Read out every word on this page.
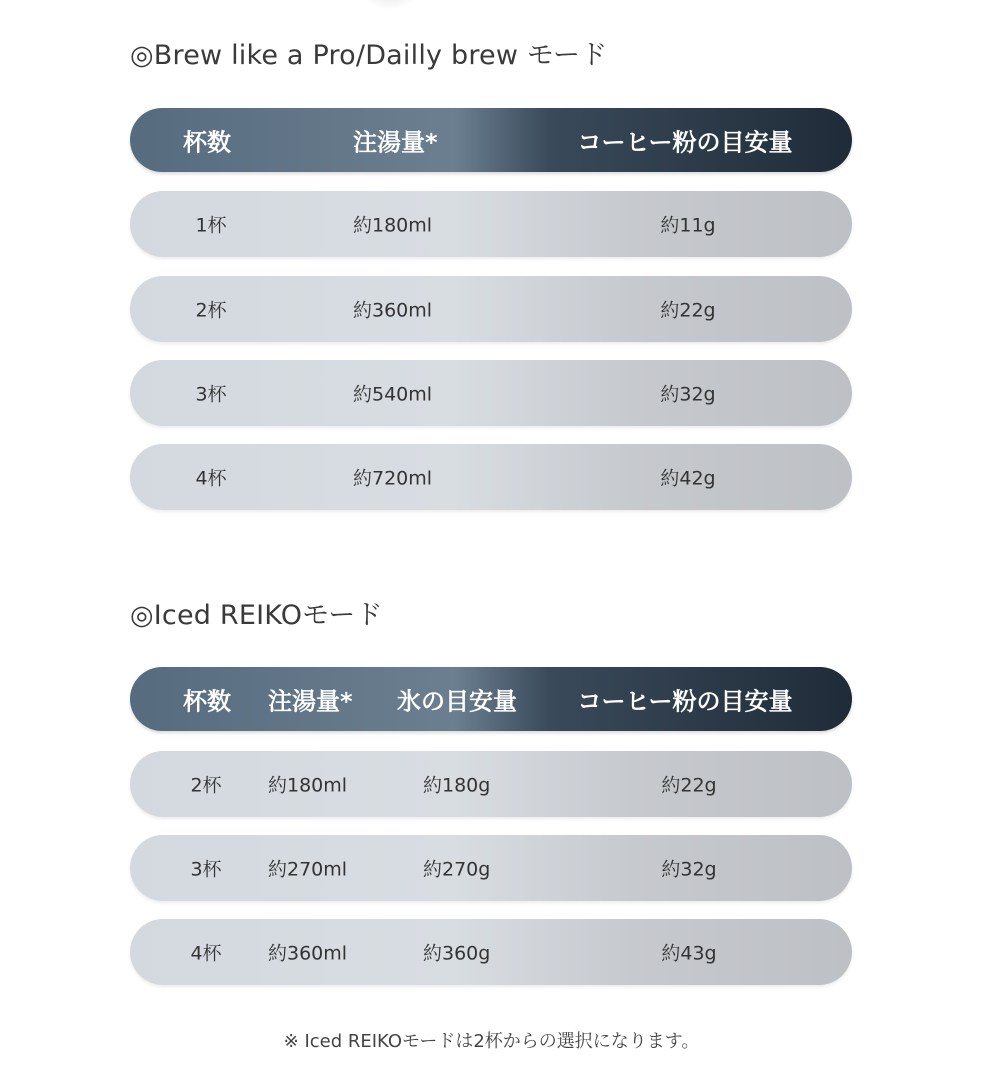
◎Brew like a Pro/Dailly brew モード
杯数	注湯量*	コーヒー粉の目安量
1杯	約180ml	約11g
2杯	約360ml	約22g
3杯	約540ml	約32g
4杯	約720ml	約42g
◎Iced REIKOモード
杯数 注湯量* 氷の目安量	コーヒー粉の目安量
2杯 約180ml	約180g	約22g
3杯 約270ml	約270g	約32g
4杯 約360ml	約360g	約43g
※ Iced REIKOモードは2杯からの選択になります。
